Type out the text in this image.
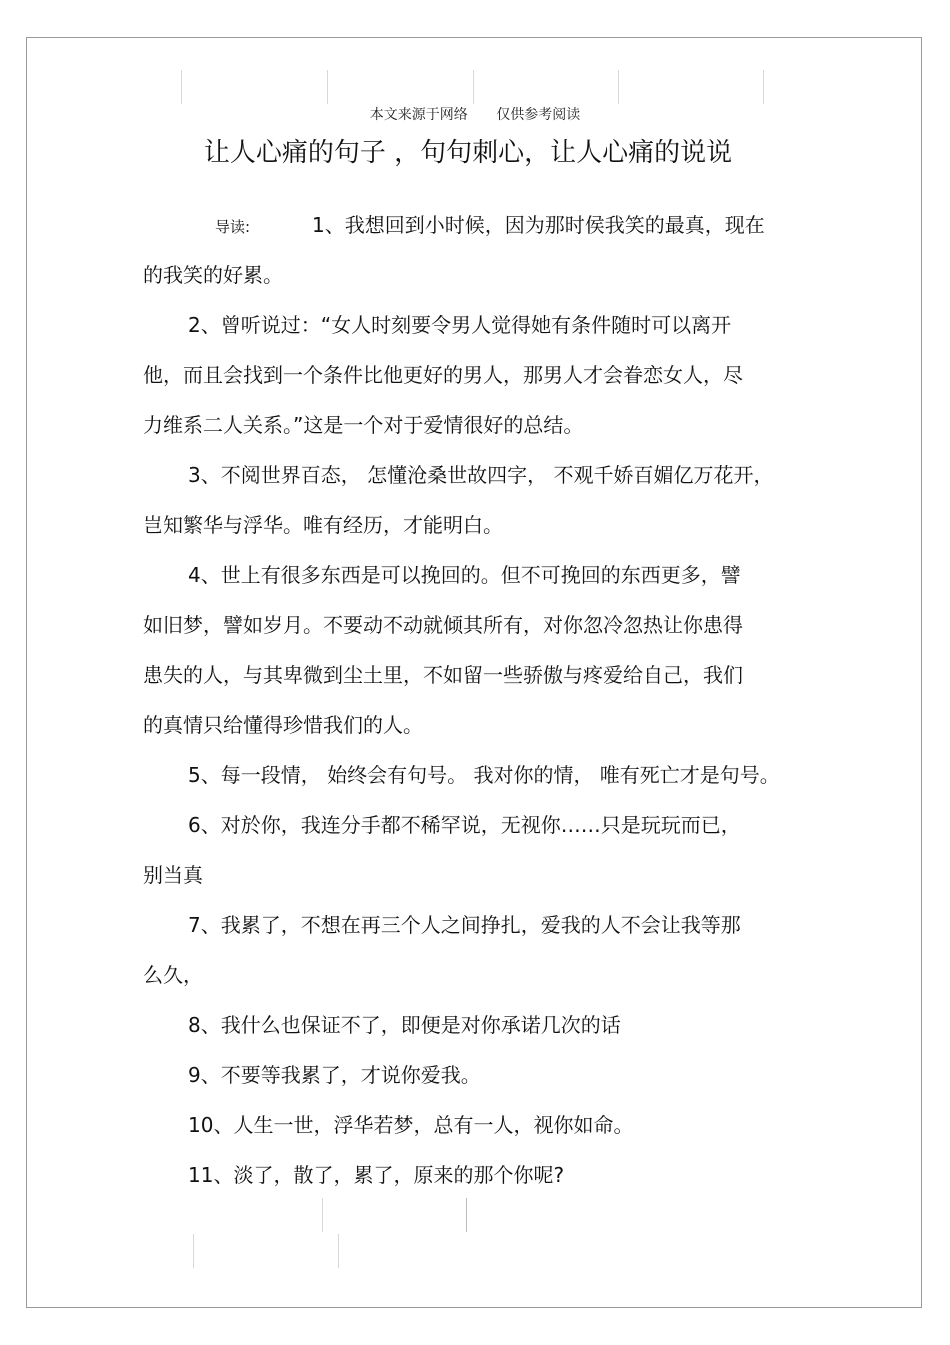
本文来源于网络 仅供参考阅读
让人心痛的句子 ，句句刺心，让人心痛的说说
导读:	1、我想回到小时候，因为那时侯我笑的最真，现在
的我笑的好累。
2、曾听说过：“女人时刻要令男人觉得她有条件随时可以离开
他，而且会找到一个条件比他更好的男人，那男人才会眷恋女人，尽
力维系二人关系。”这是一个对于爱情很好的总结。
3、不阅世界百态， 怎懂沧桑世故四字， 不观千娇百媚亿万花开，
岂知繁华与浮华。唯有经历，才能明白。
4、世上有很多东西是可以挽回的。但不可挽回的东西更多，譬
如旧梦，譬如岁月。不要动不动就倾其所有，对你忽冷忽热让你患得
患失的人，与其卑微到尘土里，不如留一些骄傲与疼爱给自己，我们
的真情只给懂得珍惜我们的人。
5、每一段情， 始终会有句号。 我对你的情， 唯有死亡才是句号。
6、对於你，我连分手都不稀罕说，无视你……只是玩玩而已，
别当真
7、我累了，不想在再三个人之间挣扎，爱我的人不会让我等那
么久，
8、我什么也保证不了，即便是对你承诺几次的话
9、不要等我累了，才说你爱我。
10、人生一世，浮华若梦，总有一人，视你如命。
11、淡了，散了，累了，原来的那个你呢?
